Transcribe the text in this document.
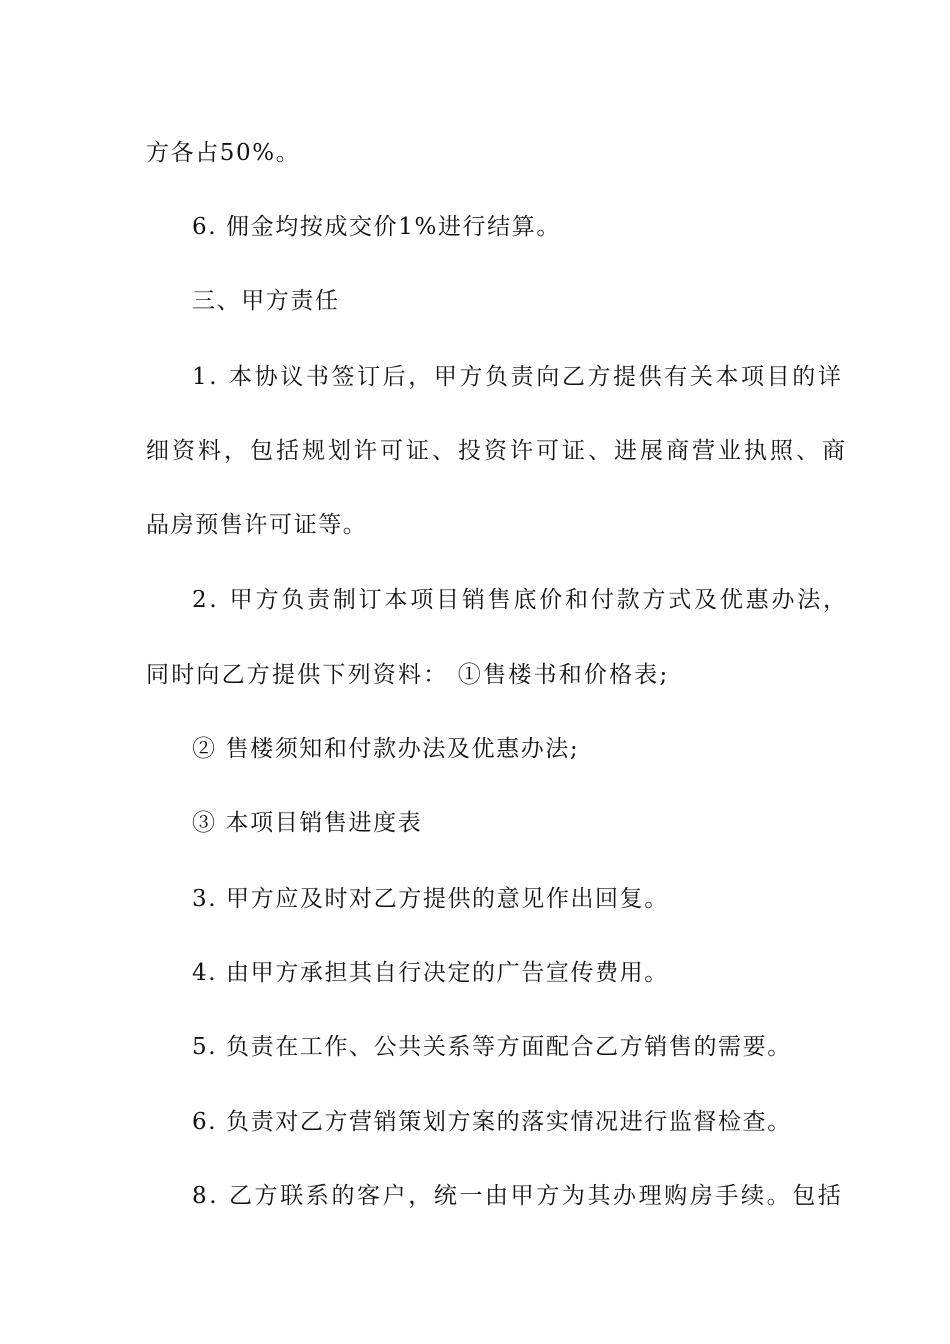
方各占50%。
6. 佣金均按成交价1%进行结算。
三、甲方责任
1. 本协议书签订后，甲方负责向乙方提供有关本项目的详
细资料，包括规划许可证、投资许可证、进展商营业执照、商
品房预售许可证等。
2. 甲方负责制订本项目销售底价和付款方式及优惠办法，
同时向乙方提供下列资料： ①售楼书和价格表;
② 售楼须知和付款办法及优惠办法;
③ 本项目销售进度表
3. 甲方应及时对乙方提供的意见作出回复。
4. 由甲方承担其自行决定的广告宣传费用。
5. 负责在工作、公共关系等方面配合乙方销售的需要。
6. 负责对乙方营销策划方案的落实情况进行监督检查。
8. 乙方联系的客户，统一由甲方为其办理购房手续。包括
